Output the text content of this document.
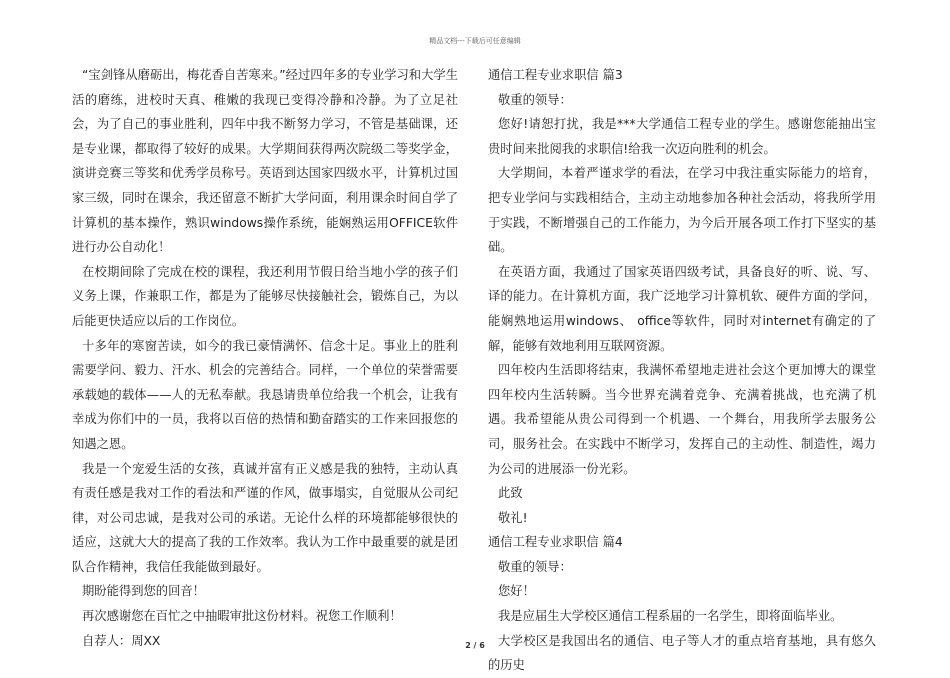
精品文档---下载后可任意编辑

“宝剑锋从磨砺出，梅花香自苦寒来。”经过四年多的专业学习和大学生活的磨练，进校时天真、稚嫩的我现已变得冷静和冷静。为了立足社会，为了自己的事业胜利，四年中我不断努力学习，不管是基础课，还是专业课，都取得了较好的成果。大学期间获得两次院级二等奖学金，演讲竞赛三等奖和优秀学员称号。英语到达国家四级水平，计算机过国家三级，同时在课余，我还留意不断扩大学问面，利用课余时间自学了计算机的基本操作，熟识windows操作系统，能娴熟运用OFFICE软件进行办公自动化！

在校期间除了完成在校的课程，我还利用节假日给当地小学的孩子们义务上课，作兼职工作，都是为了能够尽快接触社会，锻炼自己，为以后能更快适应以后的工作岗位。

十多年的寒窗苦读，如今的我已豪情满怀、信念十足。事业上的胜利需要学问、毅力、汗水、机会的完善结合。同样，一个单位的荣誉需要承载她的载体——人的无私奉献。我恳请贵单位给我一个机会，让我有幸成为你们中的一员，我将以百倍的热情和勤奋踏实的工作来回报您的知遇之恩。

我是一个宠爱生活的女孩，真诚并富有正义感是我的独特，主动认真有责任感是我对工作的看法和严谨的作风，做事塌实，自觉服从公司纪律，对公司忠诚，是我对公司的承诺。无论什么样的环境都能够很快的适应，这就大大的提高了我的工作效率。我认为工作中最重要的就是团队合作精神，我信任我能做到最好。

期盼能得到您的回音！

再次感谢您在百忙之中抽暇审批这份材料。祝您工作顺利！

自荐人：周XX

通信工程专业求职信 篇3

敬重的领导：

您好!请恕打扰，我是***大学通信工程专业的学生。感谢您能抽出宝贵时间来批阅我的求职信!给我一次迈向胜利的机会。

大学期间，本着严谨求学的看法，在学习中我注重实际能力的培育，把专业学问与实践相结合，主动主动地参加各种社会活动，将我所学用于实践，不断增强自己的工作能力，为今后开展各项工作打下坚实的基础。

在英语方面，我通过了国家英语四级考试，具备良好的听、说、写、译的能力。在计算机方面，我广泛地学习计算机软、硬件方面的学问，能娴熟地运用windows、 office等软件，同时对internet有确定的了解，能够有效地利用互联网资源。

四年校内生活即将结束，我满怀希望地走进社会这个更加博大的课堂四年校内生活转瞬。当今世界充满着竞争、充满着挑战，也充满了机遇。我希望能从贵公司得到一个机遇、一个舞台，用我所学去服务公司，服务社会。在实践中不断学习，发挥自己的主动性、制造性，竭力为公司的进展添一份光彩。

此致

敬礼!

通信工程专业求职信 篇4

敬重的领导：

您好！

我是应届生大学校区通信工程系届的一名学生，即将面临毕业。

大学校区是我国出名的通信、电子等人才的重点培育基地，具有悠久的历史

2 / 6
